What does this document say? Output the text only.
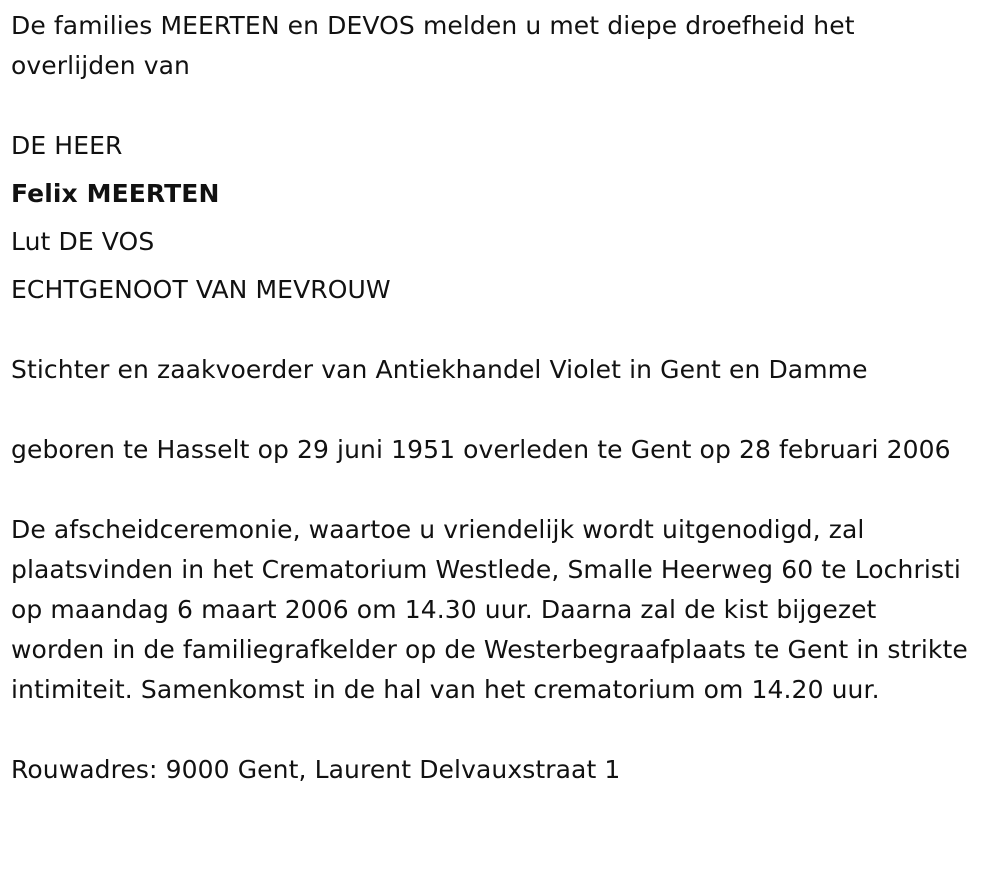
De families MEERTEN en DEVOS melden u met diepe droefheid het overlijden van

DE HEER

Felix MEERTEN

Lut DE VOS

ECHTGENOOT VAN MEVROUW

Stichter en zaakvoerder van Antiekhandel Violet in Gent en Damme

geboren te Hasselt op 29 juni 1951 overleden te Gent op 28 februari 2006

De afscheidceremonie, waartoe u vriendelijk wordt uitgenodigd, zal plaatsvinden in het Crematorium Westlede, Smalle Heerweg 60 te Lochristi op maandag 6 maart 2006 om 14.30 uur. Daarna zal de kist bijgezet worden in de familiegrafkelder op de Westerbegraafplaats te Gent in strikte intimiteit. Samenkomst in de hal van het crematorium om 14.20 uur.

Rouwadres: 9000 Gent, Laurent Delvauxstraat 1
